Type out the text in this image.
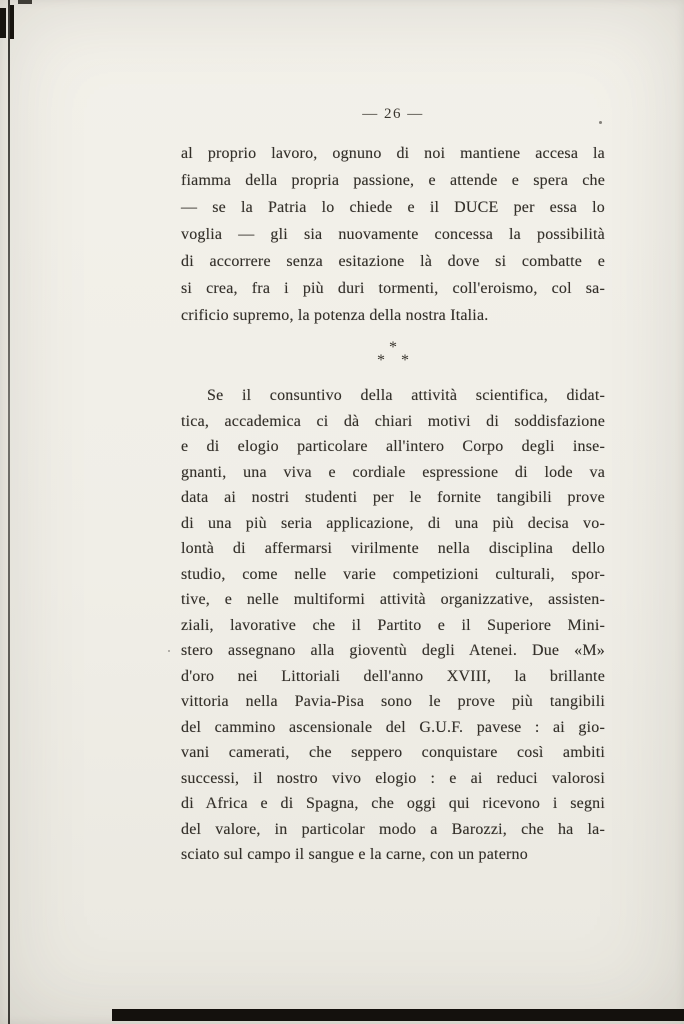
— 26 —
al proprio lavoro, ognuno di noi mantiene accesa la
fiamma della propria passione, e attende e spera che
— se la Patria lo chiede e il DUCE per essa lo
voglia — gli sia nuovamente concessa la possibilità
di accorrere senza esitazione là dove si combatte e
si crea, fra i più duri tormenti, coll'eroismo, col sa-
crificio supremo, la potenza della nostra Italia.
*
* *
Se il consuntivo della attività scientifica, didat-
tica, accademica ci dà chiari motivi di soddisfazione
e di elogio particolare all'intero Corpo degli inse-
gnanti, una viva e cordiale espressione di lode va
data ai nostri studenti per le fornite tangibili prove
di una più seria applicazione, di una più decisa vo-
lontà di affermarsi virilmente nella disciplina dello
studio, come nelle varie competizioni culturali, spor-
tive, e nelle multiformi attività organizzative, assisten-
ziali, lavorative che il Partito e il Superiore Mini-
stero assegnano alla gioventù degli Atenei. Due «M»
d'oro nei Littoriali dell'anno XVIII, la brillante
vittoria nella Pavia-Pisa sono le prove più tangibili
del cammino ascensionale del G.U.F. pavese : ai gio-
vani camerati, che seppero conquistare così ambiti
successi, il nostro vivo elogio : e ai reduci valorosi
di Africa e di Spagna, che oggi qui ricevono i segni
del valore, in particolar modo a Barozzi, che ha la-
sciato sul campo il sangue e la carne, con un paterno
